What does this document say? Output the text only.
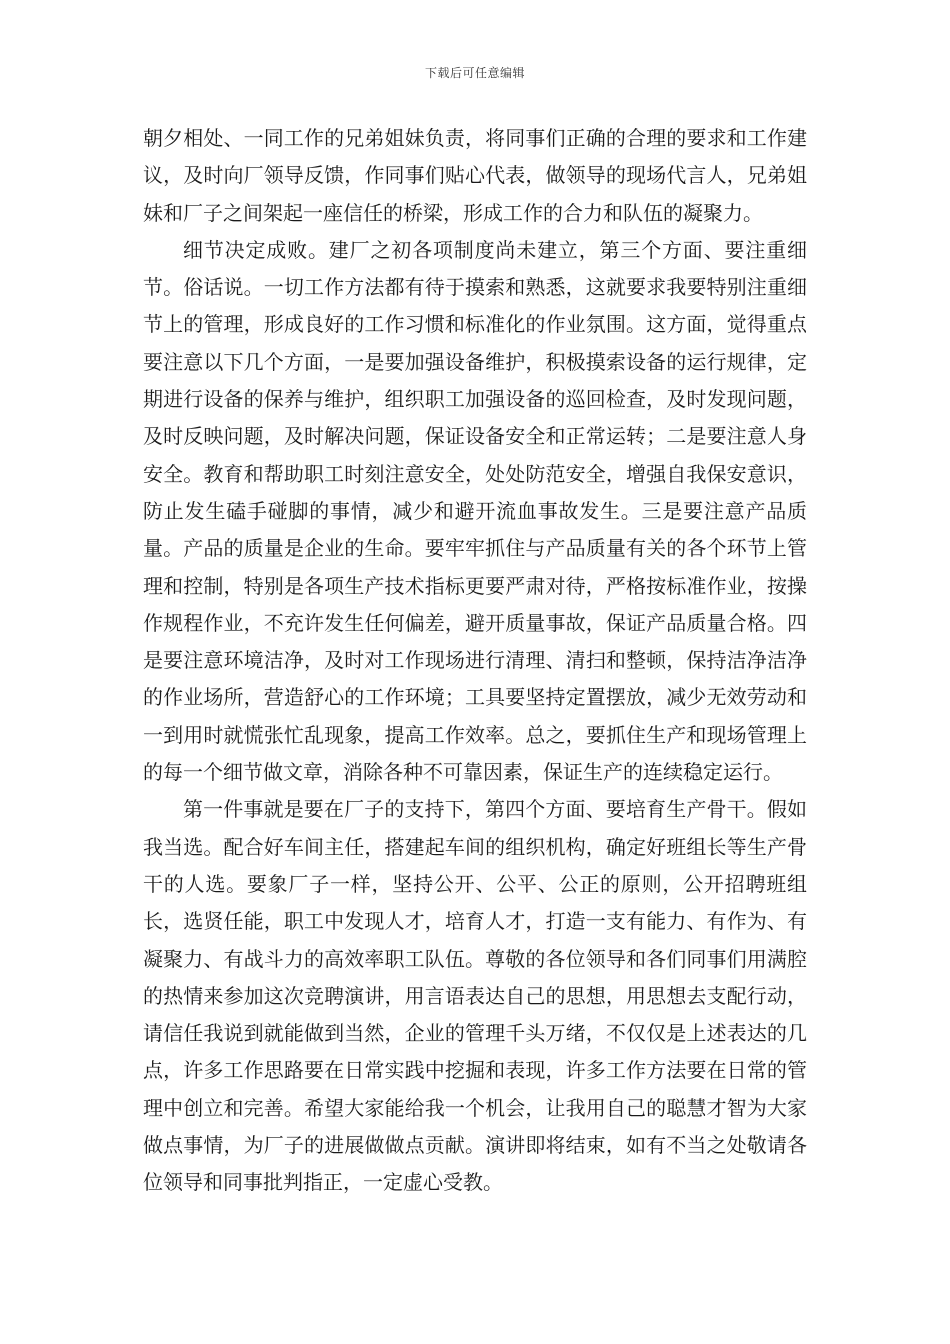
下载后可任意编辑

朝夕相处、一同工作的兄弟姐妹负责，将同事们正确的合理的要求和工作建议，及时向厂领导反馈，作同事们贴心代表，做领导的现场代言人，兄弟姐妹和厂子之间架起一座信任的桥梁，形成工作的合力和队伍的凝聚力。

细节决定成败。建厂之初各项制度尚未建立，第三个方面、要注重细节。俗话说。一切工作方法都有待于摸索和熟悉，这就要求我要特别注重细节上的管理，形成良好的工作习惯和标准化的作业氛围。这方面，觉得重点要注意以下几个方面，一是要加强设备维护，积极摸索设备的运行规律，定期进行设备的保养与维护，组织职工加强设备的巡回检查，及时发现问题，及时反映问题，及时解决问题，保证设备安全和正常运转；二是要注意人身安全。教育和帮助职工时刻注意安全，处处防范安全，增强自我保安意识，防止发生磕手碰脚的事情，减少和避开流血事故发生。三是要注意产品质量。产品的质量是企业的生命。要牢牢抓住与产品质量有关的各个环节上管理和控制，特别是各项生产技术指标更要严肃对待，严格按标准作业，按操作规程作业，不充许发生任何偏差，避开质量事故，保证产品质量合格。四是要注意环境洁净，及时对工作现场进行清理、清扫和整顿，保持洁净洁净的作业场所，营造舒心的工作环境；工具要坚持定置摆放，减少无效劳动和一到用时就慌张忙乱现象，提高工作效率。总之，要抓住生产和现场管理上的每一个细节做文章，消除各种不可靠因素，保证生产的连续稳定运行。

第一件事就是要在厂子的支持下，第四个方面、要培育生产骨干。假如我当选。配合好车间主任，搭建起车间的组织机构，确定好班组长等生产骨干的人选。要象厂子一样，坚持公开、公平、公正的原则，公开招聘班组长，选贤任能，职工中发现人才，培育人才，打造一支有能力、有作为、有凝聚力、有战斗力的高效率职工队伍。尊敬的各位领导和各们同事们用满腔的热情来参加这次竞聘演讲，用言语表达自己的思想，用思想去支配行动，请信任我说到就能做到当然，企业的管理千头万绪，不仅仅是上述表达的几点，许多工作思路要在日常实践中挖掘和表现，许多工作方法要在日常的管理中创立和完善。希望大家能给我一个机会，让我用自己的聪慧才智为大家做点事情，为厂子的进展做做点贡献。演讲即将结束，如有不当之处敬请各位领导和同事批判指正，一定虚心受教。
